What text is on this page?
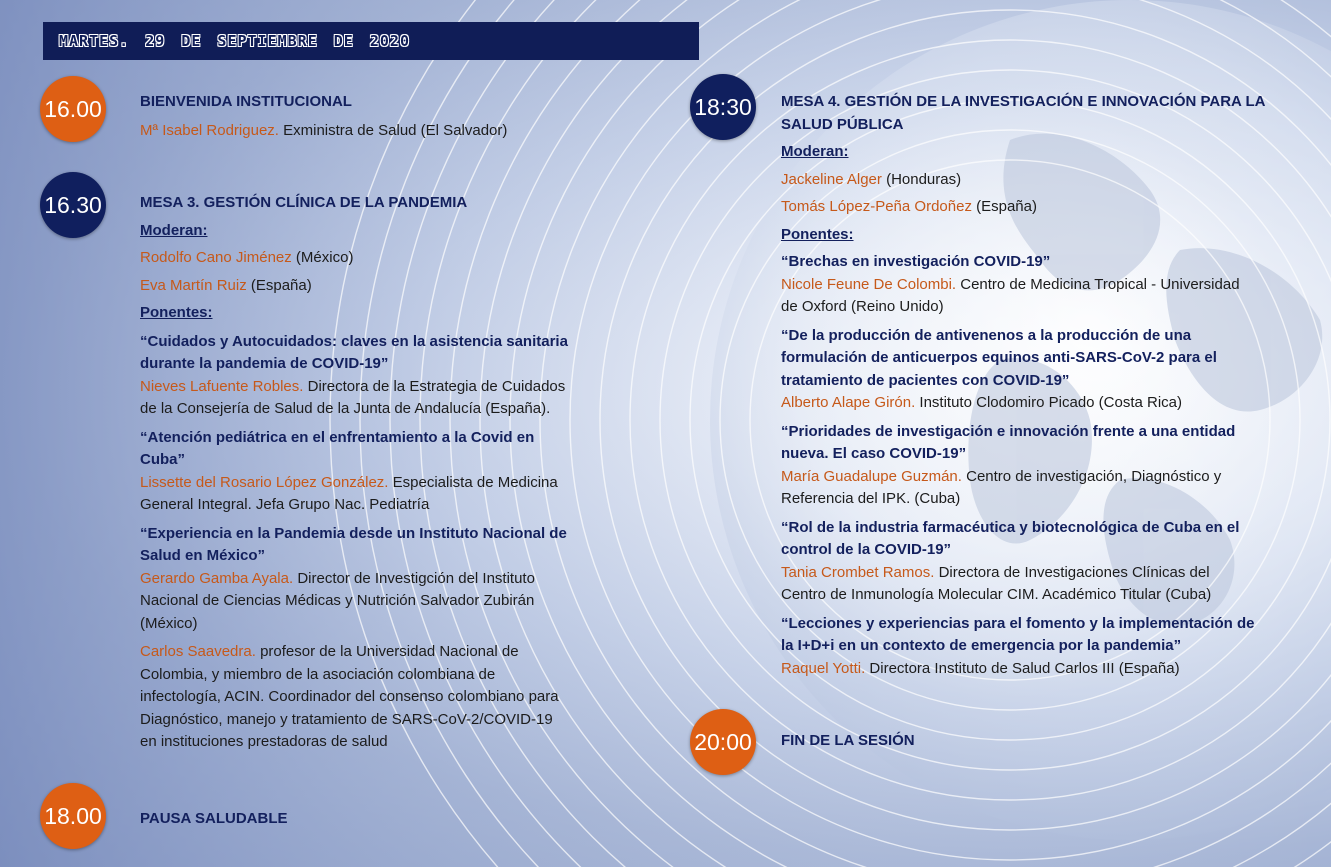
MARTES. 29 DE SEPTIEMBRE DE 2020
16.00	BIENVENIDA INSTITUCIONAL
Mª Isabel Rodriguez. Exministra de Salud (El Salvador)
16.30	MESA 3. GESTIÓN CLÍNICA DE LA PANDEMIA
Moderan:
Rodolfo Cano Jiménez (México)
Eva Martín Ruiz (España)
Ponentes:
“Cuidados y Autocuidados: claves en la asistencia sanitaria
durante la pandemia de COVID-19”
Nieves Lafuente Robles. Directora de la Estrategia de Cuidados
de la Consejería de Salud de la Junta de Andalucía (España).
“Atención pediátrica en el enfrentamiento a la Covid en
Cuba”
Lissette del Rosario López González. Especialista de Medicina
General Integral. Jefa Grupo Nac. Pediatría
“Experiencia en la Pandemia desde un Instituto Nacional de
Salud en México”
Gerardo Gamba Ayala. Director de Investigción del Instituto
Nacional de Ciencias Médicas y Nutrición Salvador Zubirán
(México)
Carlos Saavedra. profesor de la Universidad Nacional de
Colombia, y miembro de la asociación colombiana de
infectología, ACIN. Coordinador del consenso colombiano para
Diagnóstico, manejo y tratamiento de SARS-CoV-2/COVID-19
en instituciones prestadoras de salud
18.00	PAUSA SALUDABLE
18:30 MESA 4. GESTIÓN DE LA INVESTIGACIÓN E INNOVACIÓN PARA LA
SALUD PÚBLICA
Moderan:
Jackeline Alger (Honduras)
Tomás López-Peña Ordoñez (España)
Ponentes:
“Brechas en investigación COVID-19”
Nicole Feune De Colombi. Centro de Medicina Tropical - Universidad
de Oxford (Reino Unido)
“De la producción de antivenenos a la producción de una
formulación de anticuerpos equinos anti-SARS-CoV-2 para el
tratamiento de pacientes con COVID-19”
Alberto Alape Girón. Instituto Clodomiro Picado (Costa Rica)
“Prioridades de investigación e innovación frente a una entidad
nueva. El caso COVID-19”
María Guadalupe Guzmán. Centro de investigación, Diagnóstico y
Referencia del IPK. (Cuba)
“Rol de la industria farmacéutica y biotecnológica de Cuba en el
control de la COVID-19”
Tania Crombet Ramos. Directora de Investigaciones Clínicas del
Centro de Inmunología Molecular CIM. Académico Titular (Cuba)
“Lecciones y experiencias para el fomento y la implementación de
la I+D+i en un contexto de emergencia por la pandemia”
Raquel Yotti. Directora Instituto de Salud Carlos III (España)
20:00 FIN DE LA SESIÓN
